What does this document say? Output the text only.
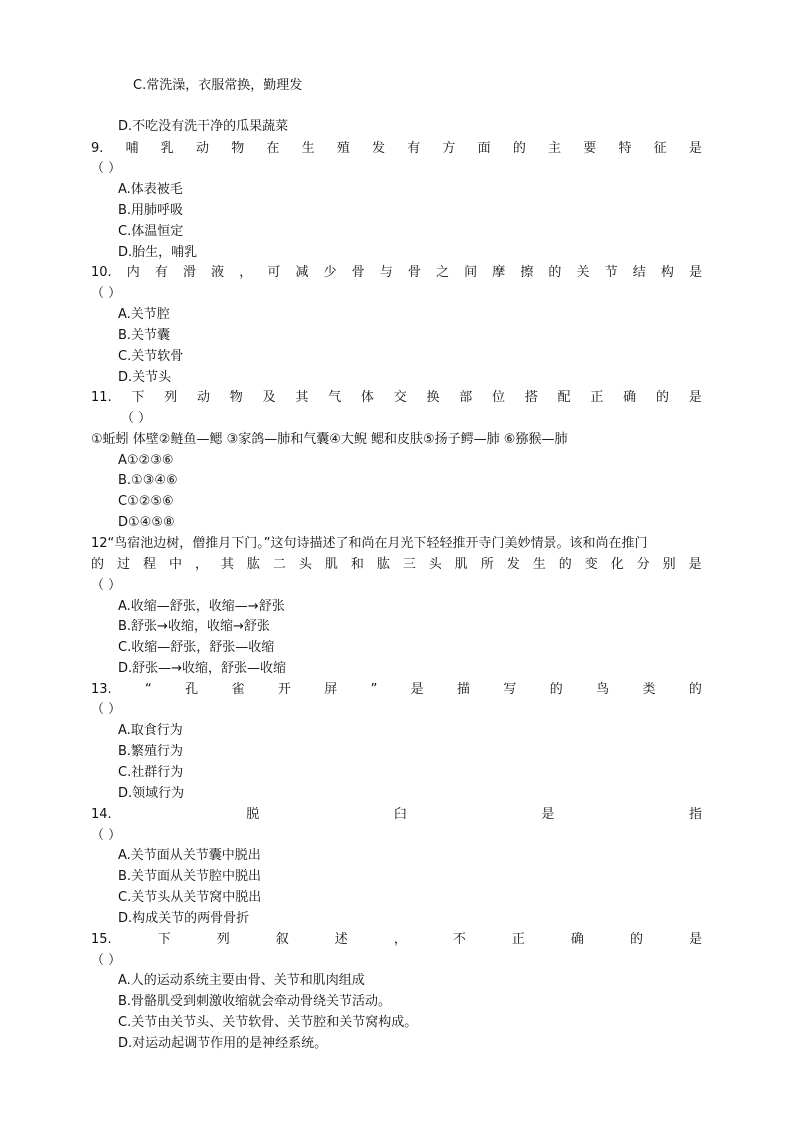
C.常洗澡，衣服常换，勤理发
D.不吃没有洗干净的瓜果蔬菜
9. 哺 乳 动 物 在 生 殖 发 有 方 面 的 主 要 特 征 是
（ ）
A.体表被毛
B.用肺呼吸
C.体温恒定
D.胎生，哺乳
10. 内 有 滑 液 ， 可 减 少 骨 与 骨 之 间 摩 擦 的 关 节 结 构 是
（ ）
A.关节腔
B.关节囊
C.关节软骨
D.关节头
11. 下 列 动 物 及 其 气 体 交 换 部 位 搭 配 正 确 的 是
（ ）
①蚯蚓 体壁②鲢鱼—鳃 ③家鸽—肺和气囊④大鲵 鳃和皮肤⑤扬子鳄—肺 ⑥猕猴—肺
A①②③⑥
B.①③④⑥
C①②⑤⑥
D①④⑤⑧
12“鸟宿池边树，僧推月下门。”这句诗描述了和尚在月光下轻轻推开寺门美妙情景。该和尚在推门
的 过 程 中 ， 其 肱 二 头 肌 和 肱 三 头 肌 所 发 生 的 变 化 分 别 是
（ ）
A.收缩—舒张，收缩—→舒张
B.舒张→收缩，收缩→舒张
C.收缩—舒张，舒张—收缩
D.舒张—→收缩，舒张—收缩
13.	“	孔	雀	开	屏	”	是	描	写	的	鸟	类	的
（ ）
A.取食行为
B.繁殖行为
C.社群行为
D.领域行为
14.	脱	臼	是	指
（ ）
A.关节面从关节囊中脱出
B.关节面从关节腔中脱出
C.关节头从关节窝中脱出
D.构成关节的两骨骨折
15.	下	列	叙	述	，	不	正	确	的	是
（ ）
A.人的运动系统主要由骨、关节和肌肉组成
B.骨骼肌受到刺激收缩就会牵动骨绕关节活动。
C.关节由关节头、关节软骨、关节腔和关节窝构成。
D.对运动起调节作用的是神经系统。
